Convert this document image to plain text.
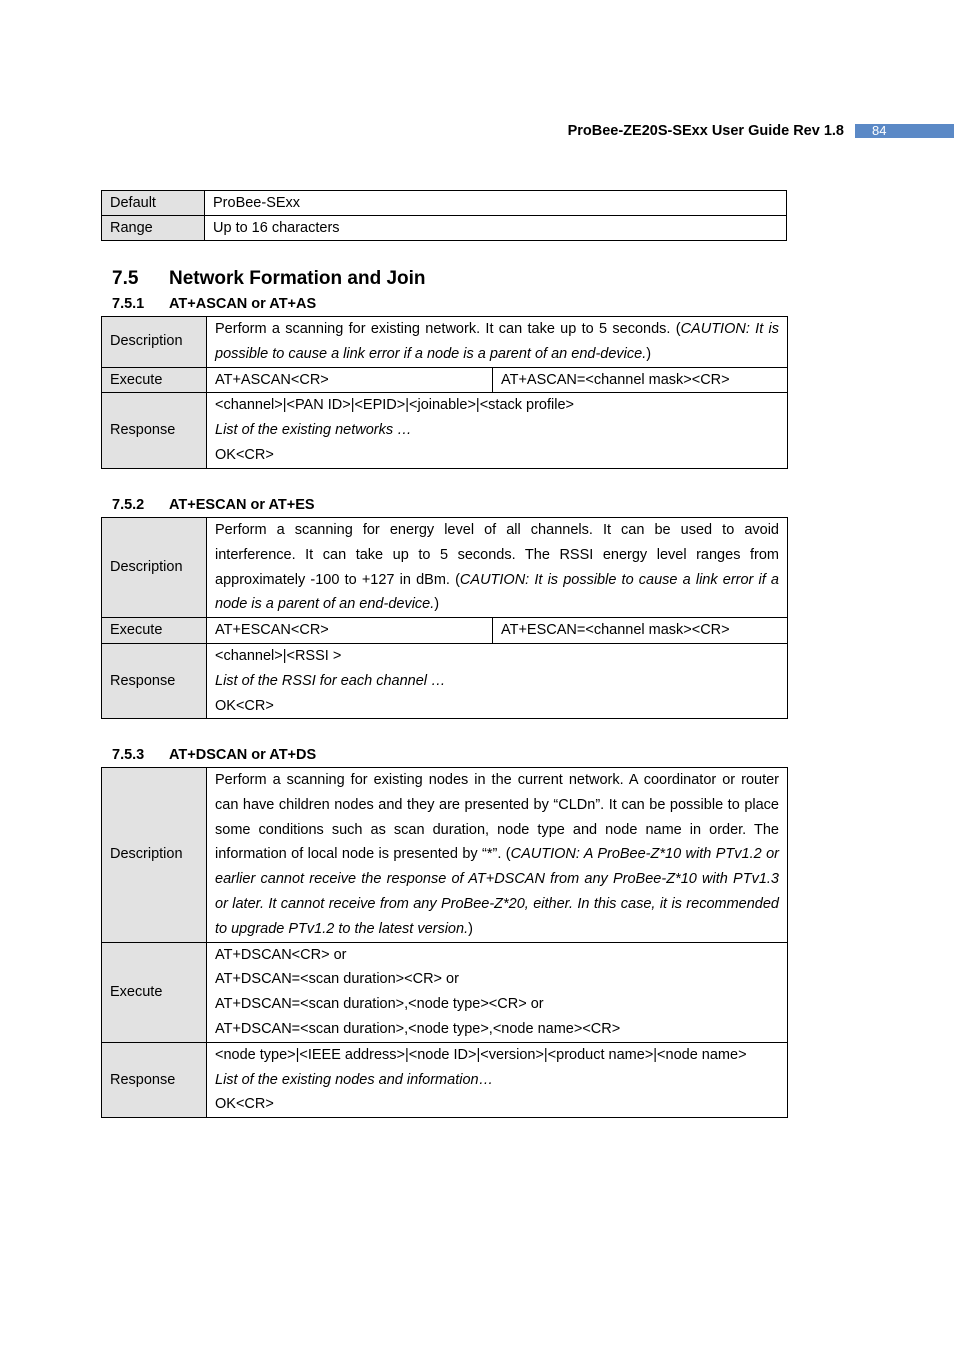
ProBee-ZE20S-SExx User Guide Rev 1.8	84
Default	ProBee-SExx
Range	Up to 16 characters
7.5 Network Formation and Join
7.5.1 AT+ASCAN or AT+AS
Description	Perform a scanning for existing network. It can take up to 5 seconds. (CAUTION: It is possible to cause a link error if a node is a parent of an end-device.)	
Execute	AT+ASCAN<CR>	AT+ASCAN=<channel mask><CR>
Response	<channel>|<PAN ID>|<EPID>|<joinable>|<stack profile>
List of the existing networks …
OK<CR>	
7.5.2 AT+ESCAN or AT+ES
Description	Perform a scanning for energy level of all channels. It can be used to avoid interference. It can take up to 5 seconds. The RSSI energy level ranges from approximately -100 to +127 in dBm. (CAUTION: It is possible to cause a link error if a node is a parent of an end-device.)	
Execute	AT+ESCAN<CR>	AT+ESCAN=<channel mask><CR>
Response	<channel>|<RSSI >
List of the RSSI for each channel …
OK<CR>	
7.5.3 AT+DSCAN or AT+DS
Description	Perform a scanning for existing nodes in the current network. A coordinator or router can have children nodes and they are presented by “CLDn”. It can be possible to place some conditions such as scan duration, node type and node name in order. The information of local node is presented by “*”. (CAUTION: A ProBee-Z*10 with PTv1.2 or earlier cannot receive the response of AT+DSCAN from any ProBee-Z*10 with PTv1.3 or later. It cannot receive from any ProBee-Z*20, either. In this case, it is recommended to upgrade PTv1.2 to the latest version.)
Execute	AT+DSCAN<CR> or
AT+DSCAN=<scan duration><CR> or
AT+DSCAN=<scan duration>,<node type><CR> or
AT+DSCAN=<scan duration>,<node type>,<node name><CR>

Response	<node type>|<IEEE address>|<node ID>|<version>|<product name>|<node name>
List of the existing nodes and information…
OK<CR>
